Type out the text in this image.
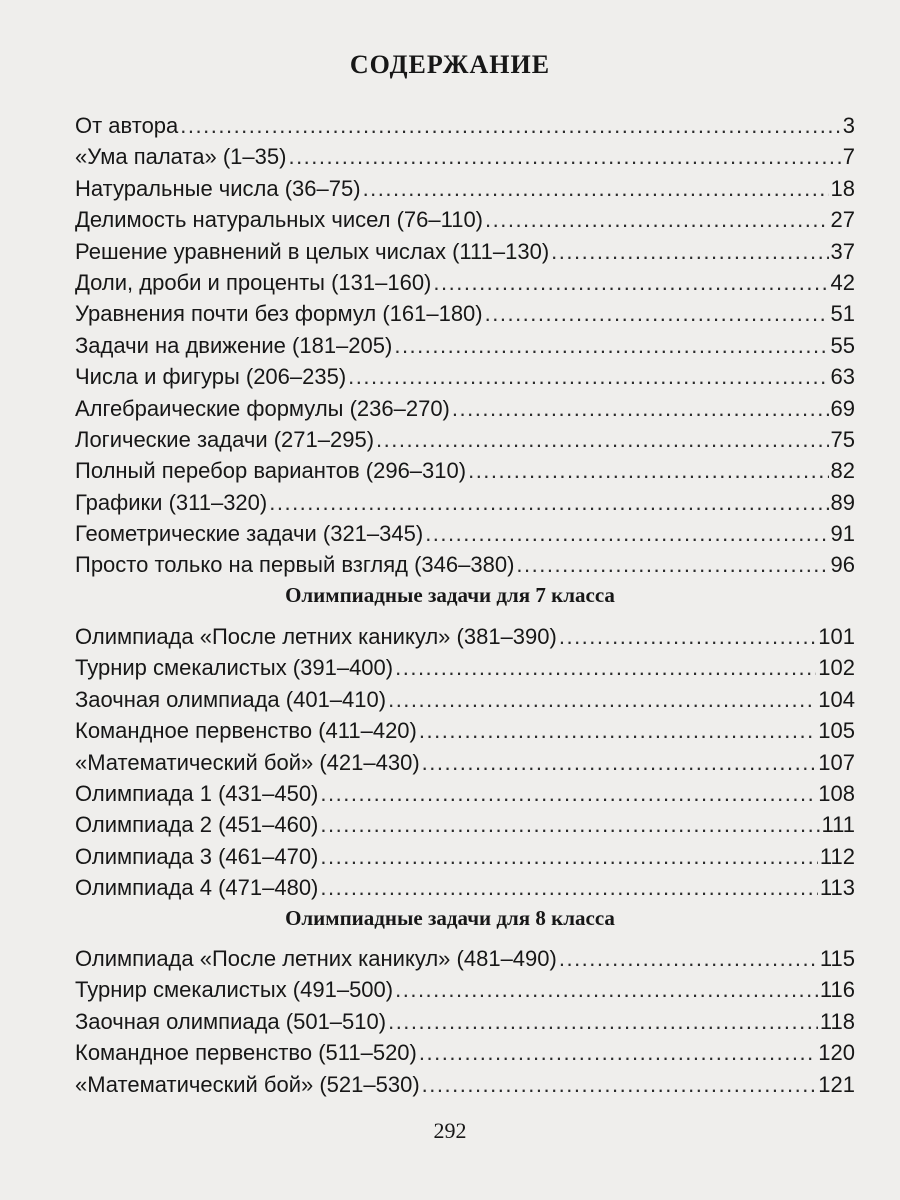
СОДЕРЖАНИЕ
От автора .....	3
«Ума палата» (1–35) .....	7
Натуральные числа (36–75) .....	18
Делимость натуральных чисел (76–110) .....	27
Решение уравнений в целых числах (111–130) .....	37
Доли, дроби и проценты (131–160) .....	42
Уравнения почти без формул (161–180) .....	51
Задачи на движение (181–205) .....	55
Числа и фигуры (206–235) .....	63
Алгебраические формулы (236–270) .....	69
Логические задачи (271–295) .....	75
Полный перебор вариантов (296–310) .....	82
Графики (311–320) .....	89
Геометрические задачи (321–345) .....	91
Просто только на первый взгляд (346–380) .....	96
Олимпиадные задачи для 7 класса
Олимпиада «После летних каникул» (381–390) .....	101
Турнир смекалистых (391–400) .....	102
Заочная олимпиада (401–410) .....	104
Командное первенство (411–420) .....	105
«Математический бой» (421–430) .....	107
Олимпиада 1 (431–450) .....	108
Олимпиада 2 (451–460) .....	111
Олимпиада 3 (461–470) .....	112
Олимпиада 4 (471–480) .....	113
Олимпиадные задачи для 8 класса
Олимпиада «После летних каникул» (481–490) .....	115
Турнир смекалистых (491–500) .....	116
Заочная олимпиада (501–510) .....	118
Командное первенство (511–520) .....	120
«Математический бой» (521–530) .....	121
292
